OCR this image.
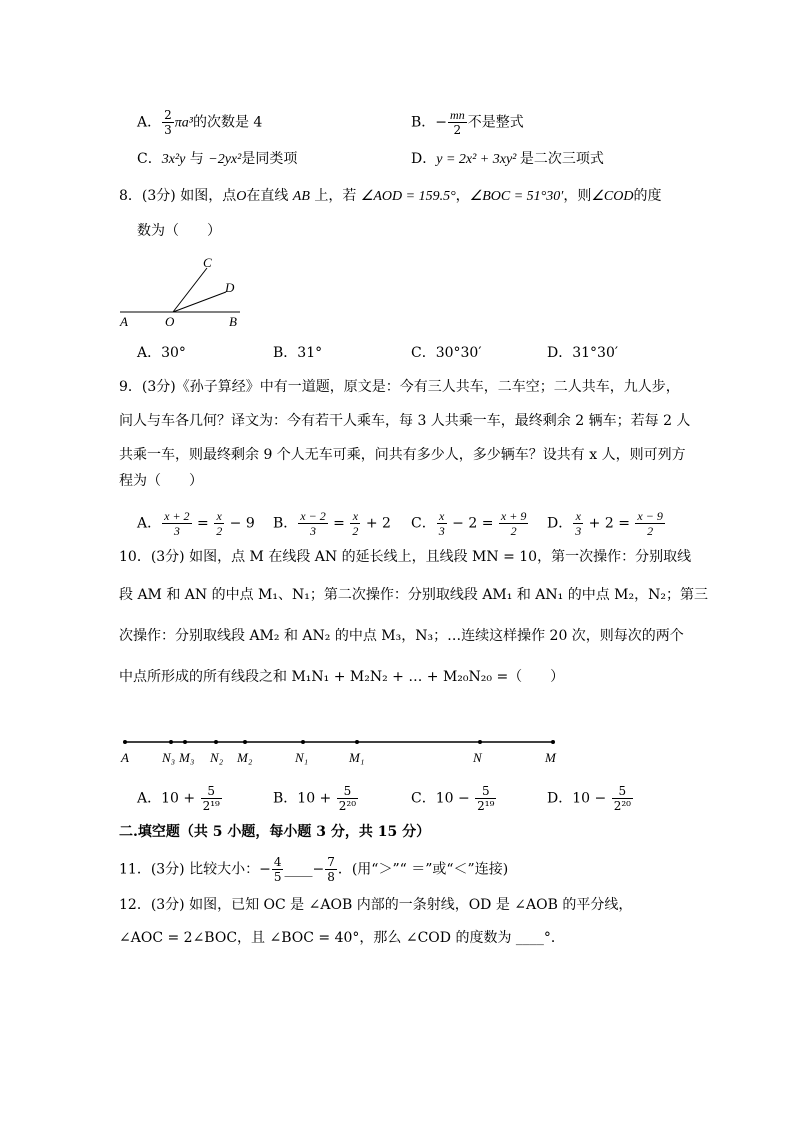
A． $\frac{2}{3} \pi a^3$的次数是 4	B．− $\frac{mn}{2}$ 不是整式
C．3x²y 与 −2yx²是同类项	D．y = 2x² + 3xy² 是二次三项式
8．(3分) 如图，点O在直线 AB 上，若 ∠AOD = 159.5°，∠BOC = 51°30′，则∠COD的度
数为（　　）
A	O	B
C
D
A．30°	B．31°	C．30°30′	D．31°30′
9．(3分)《孙子算经》中有一道题，原文是：今有三人共车，二车空；二人共车，九人步，
问人与车各几何？译文为：今有若干人乘车，每 3 人共乘一车，最终剩余 2 辆车；若每 2 人
共乘一车，则最终剩余 9 个人无车可乘，问共有多少人，多少辆车？设共有 x 人，则可列方
程为（　　）
A． $\frac{x + 2}{3} = \frac{x}{2} - 9$ B． $\frac{x - 2}{3} = \frac{x}{2} + 2$ C． $\frac{x}{3} - 2 = \frac{x + 9}{2}$ D． $\frac{x}{3} + 2 = \frac{x - 9}{2}$
10．(3分) 如图，点 M 在线段 AN 的延长线上，且线段 MN = 10，第一次操作：分别取线
段 AM 和 AN 的中点 M₁、N₁；第二次操作：分别取线段 AM₁ 和 AN₁ 的中点 M₂，N₂；第三
次操作：分别取线段 AM₂ 和 AN₂ 的中点 M₃，N₃；…连续这样操作 20 次，则每次的两个
中点所形成的所有线段之和 M₁N₁ + M₂N₂ + … + M₂₀N₂₀ =（　　）
A	N₃ M₃ N₂ M₂	N₁	M₁	N	M
A．$10 + \frac{5}{\text{2¹⁹}}$	B．$10 + \frac{5}{\text{2²⁰}}$	C．$10 - \frac{5}{\text{2¹⁹}}$	D．$10 - \frac{5}{\text{2²⁰}}$
二.填空题（共 5 小题，每小题 3 分，共 15 分）
11．(3分) 比较大小：− $\frac{4}{5}$ ____− $\frac{7}{8}$ ．(用“＞”“ ＝”或“＜”连接)
12．(3分) 如图，已知 OC 是 ∠AOB 内部的一条射线，OD 是 ∠AOB 的平分线，
∠AOC = 2∠BOC，且 ∠BOC = 40°，那么 ∠COD 的度数为 ____°．
